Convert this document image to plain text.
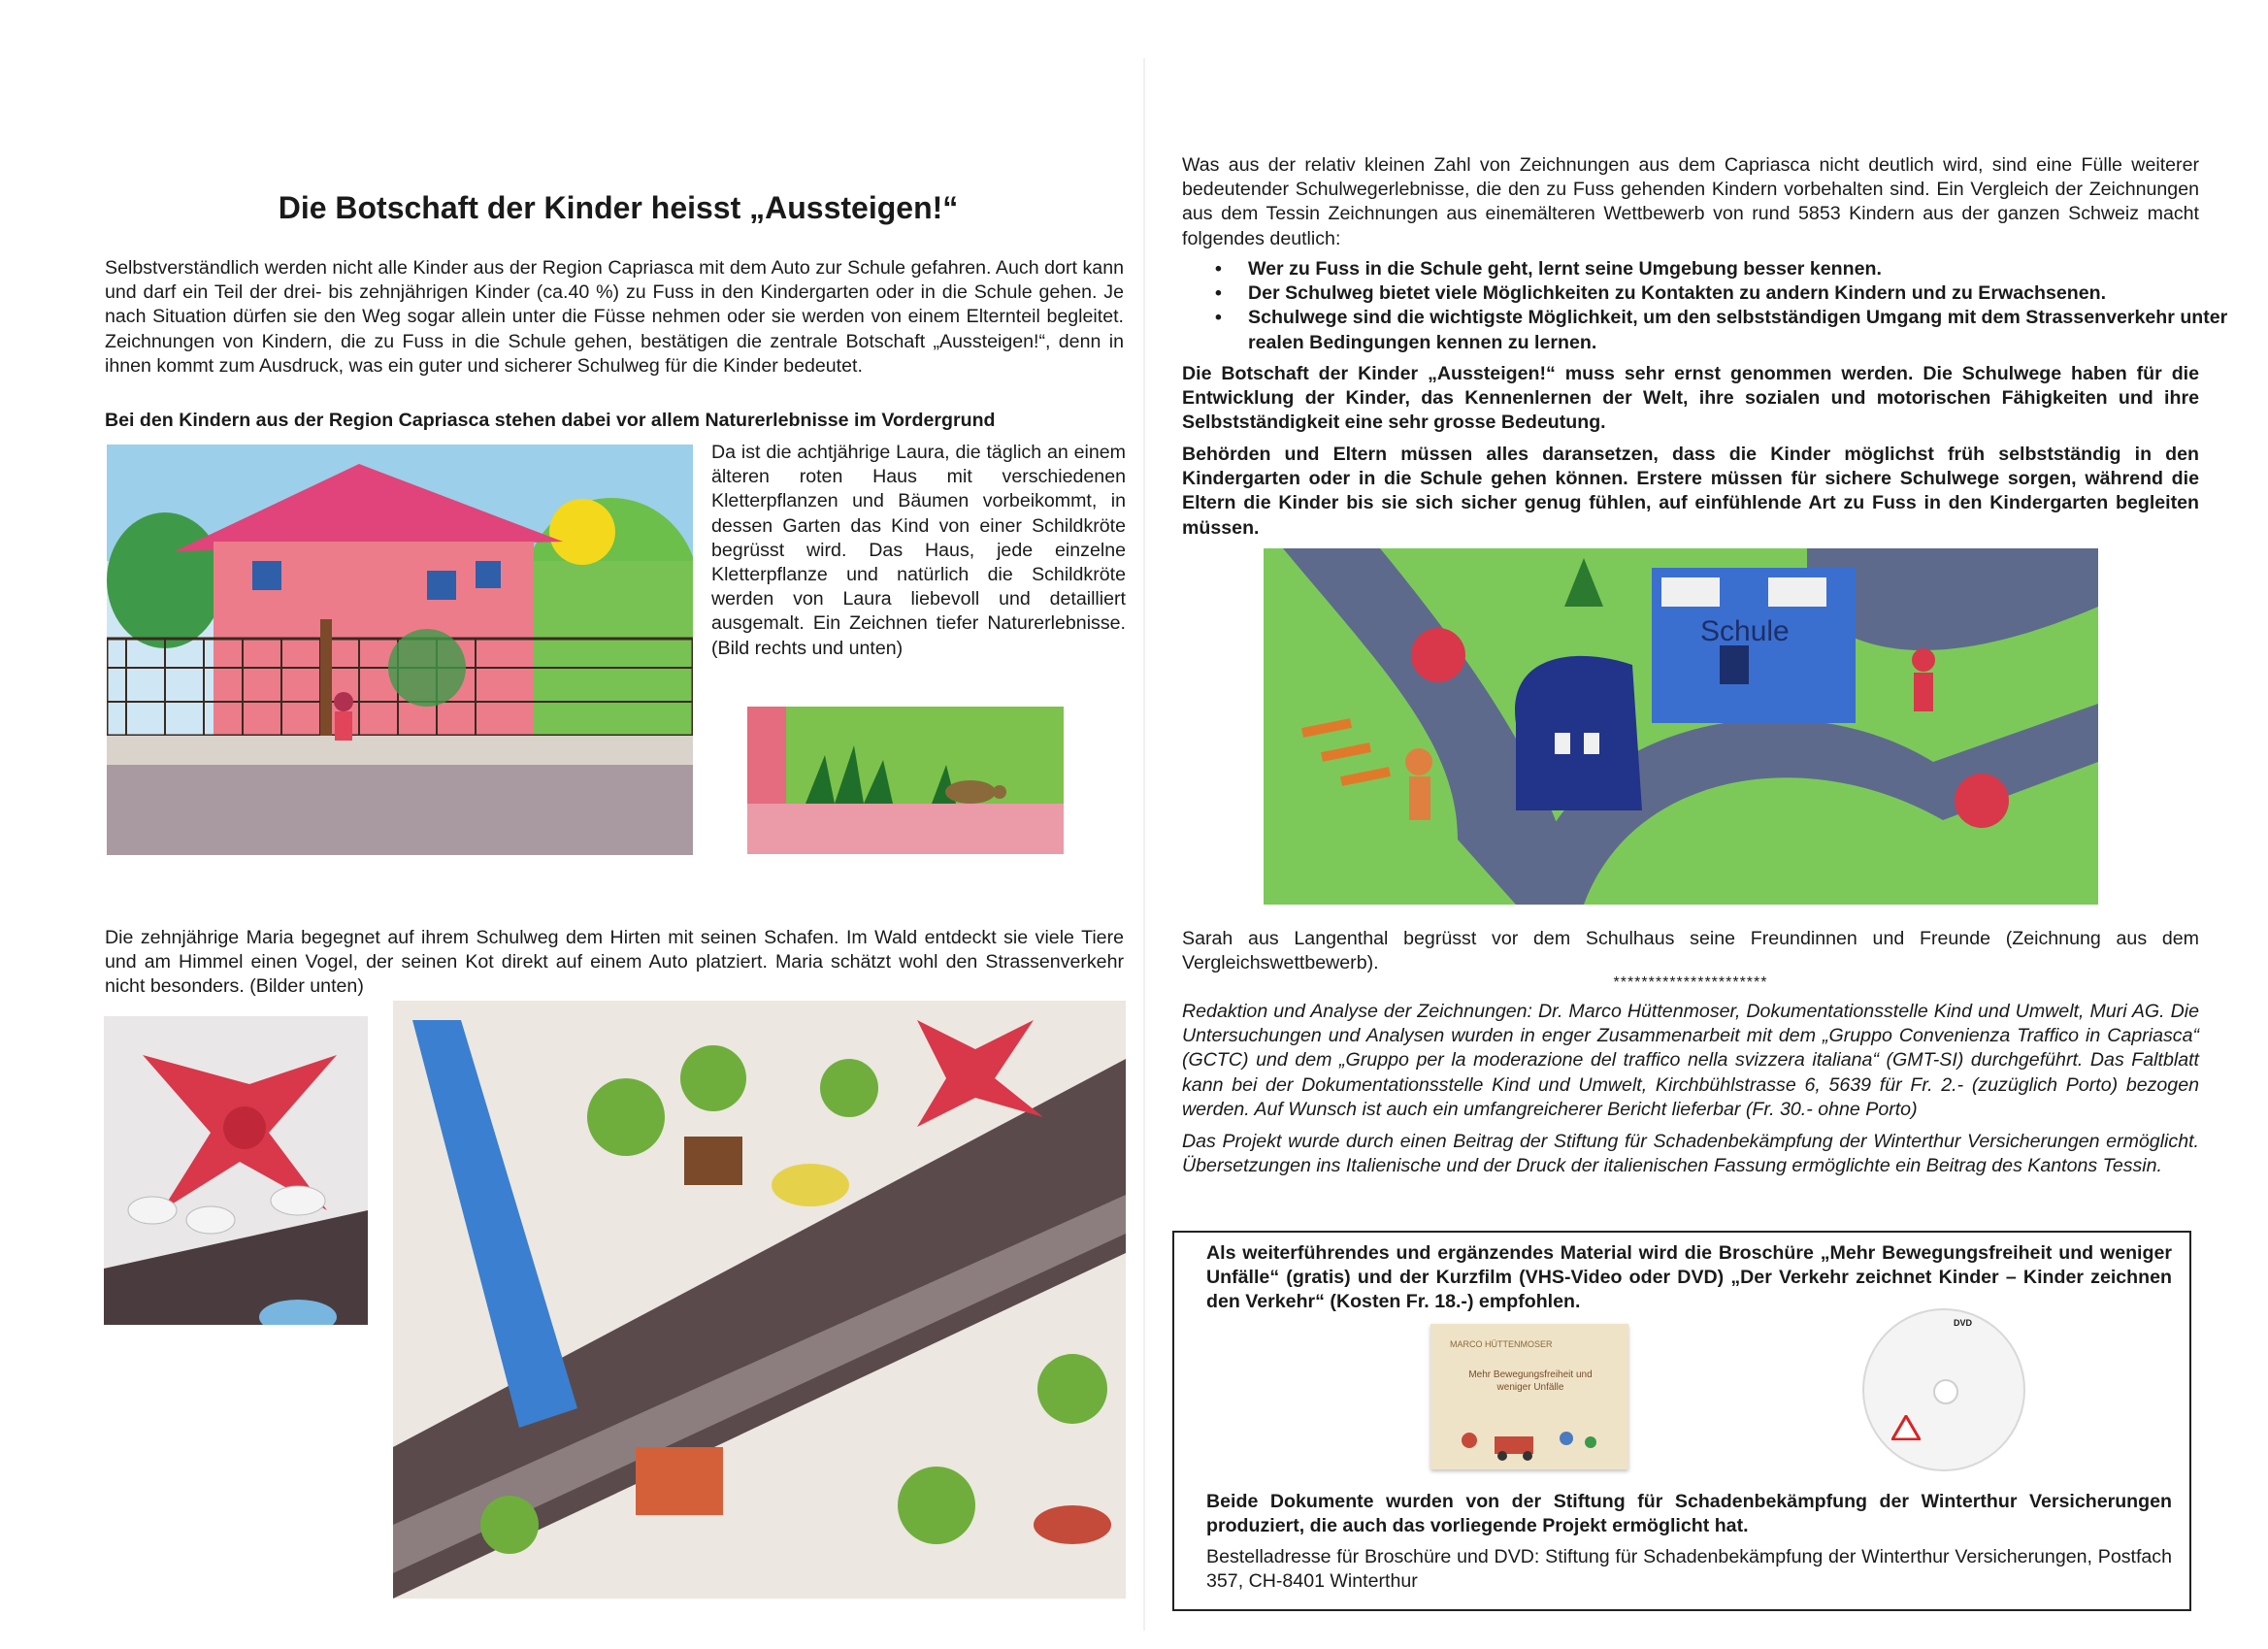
Die Botschaft der Kinder heisst „Aussteigen!“

Selbstverständlich werden nicht alle Kinder aus der Region Capriasca mit dem Auto zur Schule gefahren. Auch dort kann und darf ein Teil der drei- bis zehnjährigen Kinder (ca.40 %) zu Fuss in den Kindergarten oder in die Schule gehen. Je nach Situation dürfen sie den Weg sogar allein unter die Füsse nehmen oder sie werden von einem Elternteil begleitet. Zeichnungen von Kindern, die zu Fuss in die Schule gehen, bestätigen die zentrale Botschaft „Aussteigen!“, denn in ihnen kommt zum Ausdruck, was ein guter und sicherer Schulweg für die Kinder bedeutet.

Bei den Kindern aus der Region Capriasca stehen dabei vor allem Naturerlebnisse im Vordergrund

Da ist die achtjährige Laura, die täglich an einem älteren roten Haus mit verschiedenen Kletterpflanzen und Bäumen vorbeikommt, in dessen Garten das Kind von einer Schildkröte begrüsst wird. Das Haus, jede einzelne Kletterpflanze und natürlich die Schildkröte werden von Laura liebevoll und detailliert ausgemalt. Ein Zeichnen tiefer Naturerlebnisse. (Bild rechts und unten)

Die zehnjährige Maria begegnet auf ihrem Schulweg dem Hirten mit seinen Schafen. Im Wald entdeckt sie viele Tiere und am Himmel einen Vogel, der seinen Kot direkt auf einem Auto platziert. Maria schätzt wohl den Strassenverkehr nicht besonders. (Bilder unten)

Was aus der relativ kleinen Zahl von Zeichnungen aus dem Capriasca nicht deutlich wird, sind eine Fülle weiterer bedeutender Schulwegerlebnisse, die den zu Fuss gehenden Kindern vorbehalten sind. Ein Vergleich der Zeichnungen aus dem Tessin Zeichnungen aus einemälteren Wettbewerb von rund 5853 Kindern aus der ganzen Schweiz macht folgendes deutlich:

• Wer zu Fuss in die Schule geht, lernt seine Umgebung besser kennen.
• Der Schulweg bietet viele Möglichkeiten zu Kontakten zu andern Kindern und zu Erwachsenen.
• Schulwege sind die wichtigste Möglichkeit, um den selbstständigen Umgang mit dem Strassenverkehr unter realen Bedingungen kennen zu lernen.

Die Botschaft der Kinder „Aussteigen!“ muss sehr ernst genommen werden. Die Schulwege haben für die Entwicklung der Kinder, das Kennenlernen der Welt, ihre sozialen und motorischen Fähigkeiten und ihre Selbstständigkeit eine sehr grosse Bedeutung.

Behörden und Eltern müssen alles daransetzen, dass die Kinder möglichst früh selbstständig in den Kindergarten oder in die Schule gehen können. Erstere müssen für sichere Schulwege sorgen, während die Eltern die Kinder bis sie sich sicher genug fühlen, auf einfühlende Art zu Fuss in den Kindergarten begleiten müssen.

Schule

Sarah aus Langenthal begrüsst vor dem Schulhaus seine Freundinnen und Freunde (Zeichnung aus dem Vergleichswettbewerb).

**********************

Redaktion und Analyse der Zeichnungen: Dr. Marco Hüttenmoser, Dokumentationsstelle Kind und Umwelt, Muri AG. Die Untersuchungen und Analysen wurden in enger Zusammenarbeit mit dem „Gruppo Convenienza Traffico in Capriasca“ (GCTC) und dem „Gruppo per la moderazione del traffico nella svizzera italiana“ (GMT-SI) durchgeführt. Das Faltblatt kann bei der Dokumentationsstelle Kind und Umwelt, Kirchbühlstrasse 6, 5639 für Fr. 2.- (zuzüglich Porto) bezogen werden. Auf Wunsch ist auch ein umfangreicherer Bericht lieferbar (Fr. 30.- ohne Porto)

Das Projekt wurde durch einen Beitrag der Stiftung für Schadenbekämpfung der Winterthur Versicherungen ermöglicht. Übersetzungen ins Italienische und der Druck der italienischen Fassung ermöglichte ein Beitrag des Kantons Tessin.

Als weiterführendes und ergänzendes Material wird die Broschüre „Mehr Bewegungsfreiheit und weniger Unfälle“ (gratis) und der Kurzfilm (VHS-Video oder DVD) „Der Verkehr zeichnet Kinder – Kinder zeichnen den Verkehr“ (Kosten Fr. 18.-) empfohlen.

MARCO HÜTTENMOSER
Mehr Bewegungsfreiheit und weniger Unfälle
DVD

Beide Dokumente wurden von der Stiftung für Schadenbekämpfung der Winterthur Versicherungen produziert, die auch das vorliegende Projekt ermöglicht hat.

Bestelladresse für Broschüre und DVD: Stiftung für Schadenbekämpfung der Winterthur Versicherungen, Postfach 357, CH-8401 Winterthur
